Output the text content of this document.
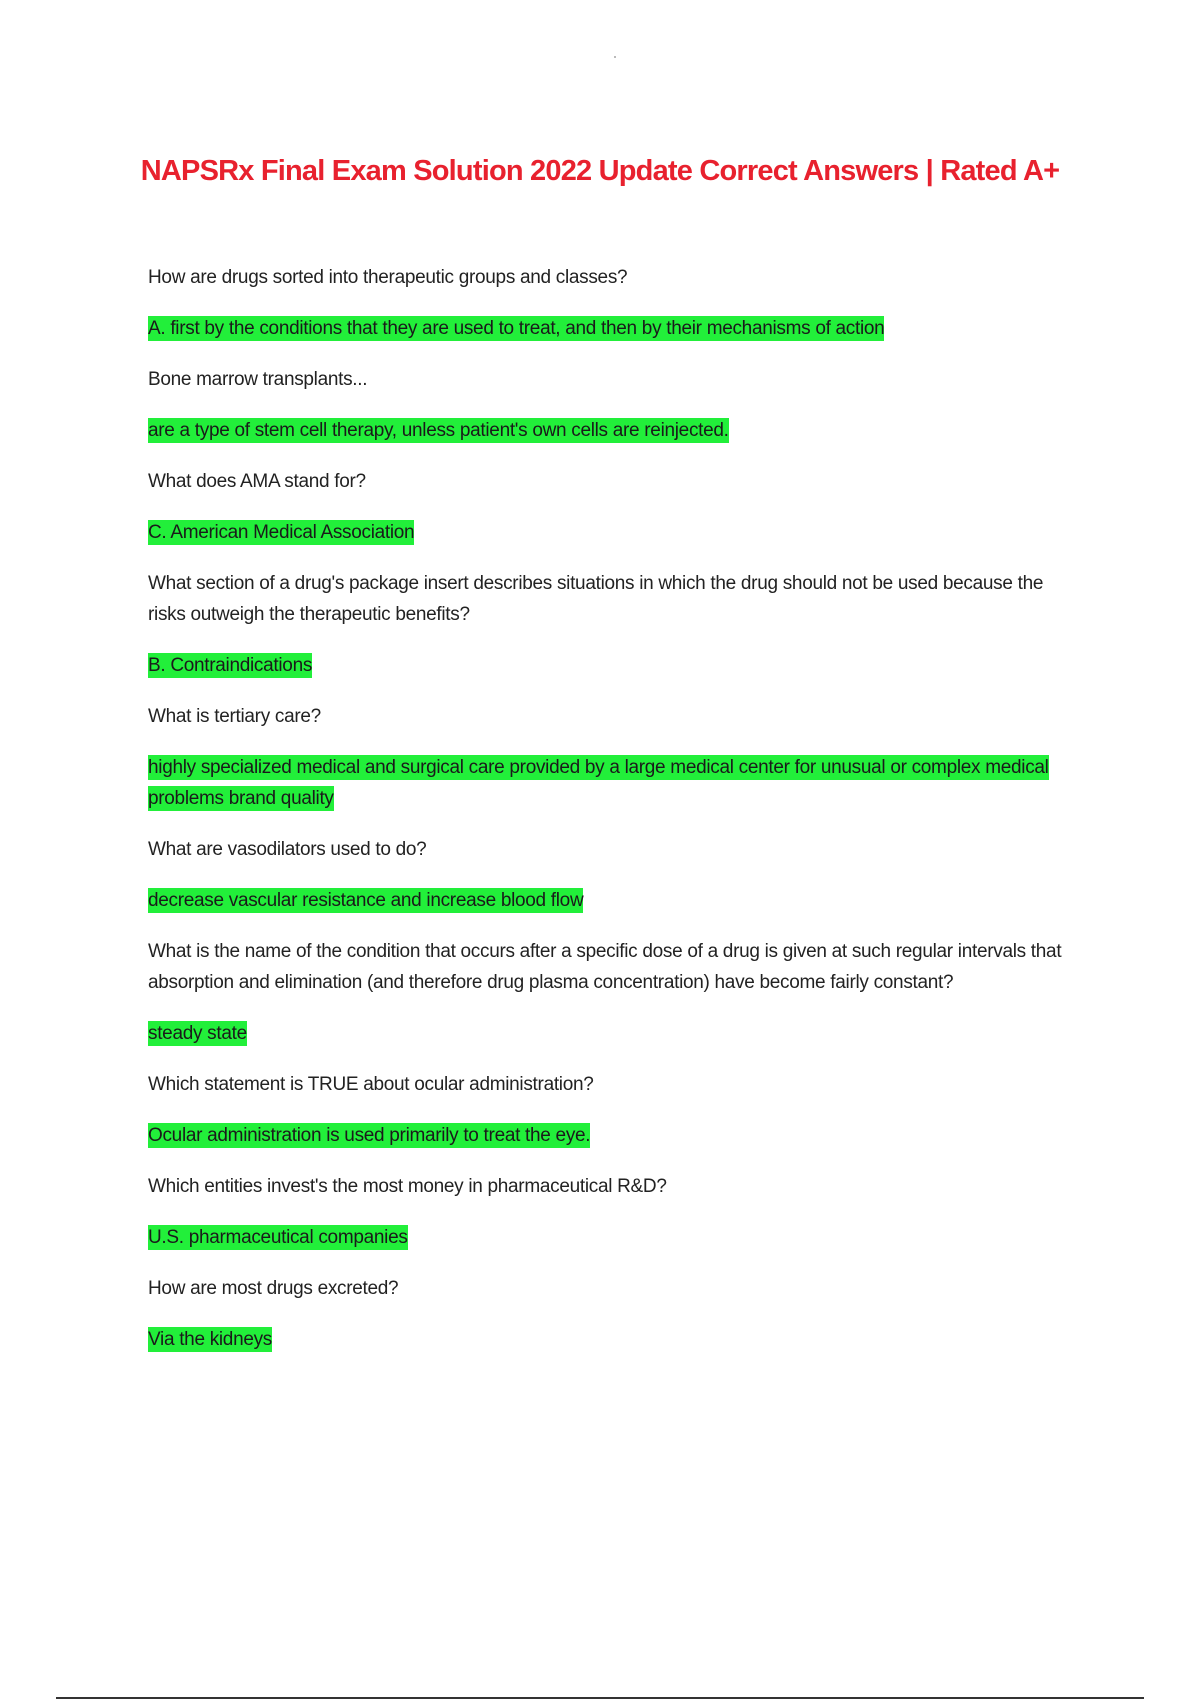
NAPSRx Final Exam Solution 2022 Update Correct Answers | Rated A+
How are drugs sorted into therapeutic groups and classes?
A. first by the conditions that they are used to treat, and then by their mechanisms of action
Bone marrow transplants...
are a type of stem cell therapy, unless patient's own cells are reinjected.
What does AMA stand for?
C. American Medical Association
What section of a drug's package insert describes situations in which the drug should not be used because the risks outweigh the therapeutic benefits?
B. Contraindications
What is tertiary care?
highly specialized medical and surgical care provided by a large medical center for unusual or complex medical problems brand quality
What are vasodilators used to do?
decrease vascular resistance and increase blood flow
What is the name of the condition that occurs after a specific dose of a drug is given at such regular intervals that absorption and elimination (and therefore drug plasma concentration) have become fairly constant?
steady state
Which statement is TRUE about ocular administration?
Ocular administration is used primarily to treat the eye.
Which entities invest's the most money in pharmaceutical R&D?
U.S. pharmaceutical companies
How are most drugs excreted?
Via the kidneys
